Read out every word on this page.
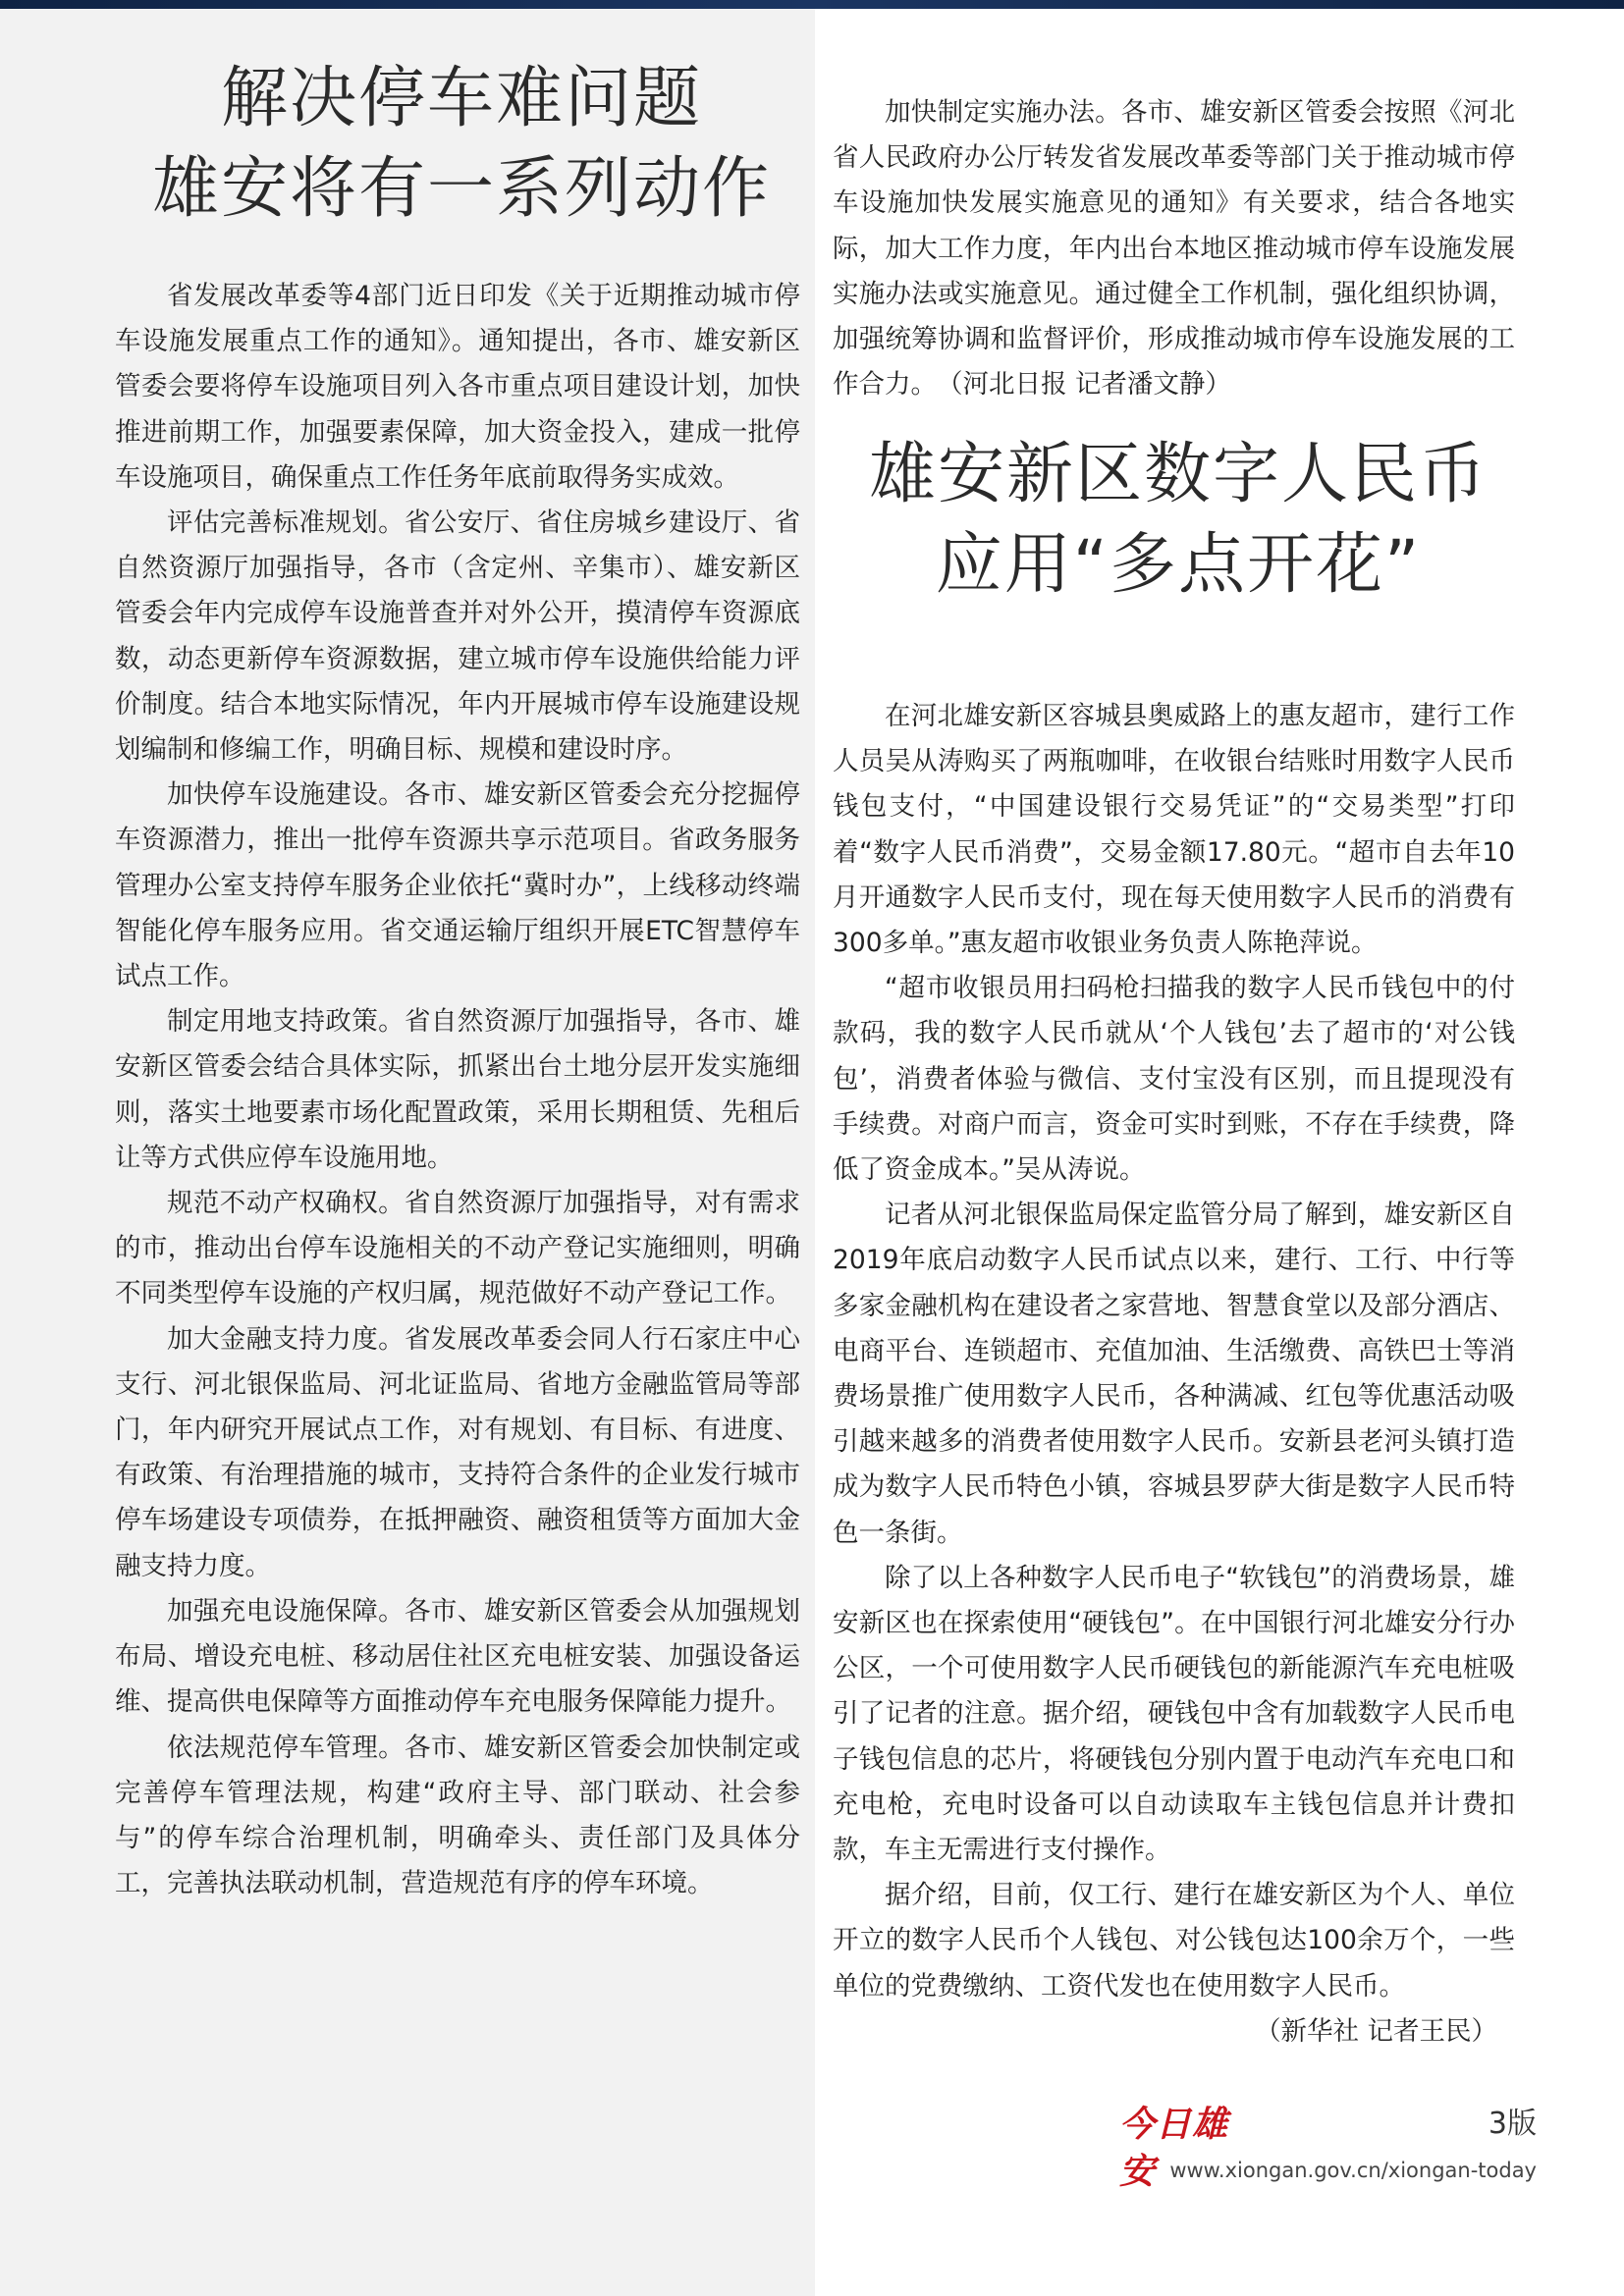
解决停车难问题
雄安将有一系列动作

省发展改革委等4部门近日印发《关于近期推动城市停车设施发展重点工作的通知》。通知提出，各市、雄安新区管委会要将停车设施项目列入各市重点项目建设计划，加快推进前期工作，加强要素保障，加大资金投入，建成一批停车设施项目，确保重点工作任务年底前取得务实成效。

评估完善标准规划。省公安厅、省住房城乡建设厅、省自然资源厅加强指导，各市（含定州、辛集市）、雄安新区管委会年内完成停车设施普查并对外公开，摸清停车资源底数，动态更新停车资源数据，建立城市停车设施供给能力评价制度。结合本地实际情况，年内开展城市停车设施建设规划编制和修编工作，明确目标、规模和建设时序。

加快停车设施建设。各市、雄安新区管委会充分挖掘停车资源潜力，推出一批停车资源共享示范项目。省政务服务管理办公室支持停车服务企业依托“冀时办”，上线移动终端智能化停车服务应用。省交通运输厅组织开展ETC智慧停车试点工作。

制定用地支持政策。省自然资源厅加强指导，各市、雄安新区管委会结合具体实际，抓紧出台土地分层开发实施细则，落实土地要素市场化配置政策，采用长期租赁、先租后让等方式供应停车设施用地。

规范不动产权确权。省自然资源厅加强指导，对有需求的市，推动出台停车设施相关的不动产登记实施细则，明确不同类型停车设施的产权归属，规范做好不动产登记工作。

加大金融支持力度。省发展改革委会同人行石家庄中心支行、河北银保监局、河北证监局、省地方金融监管局等部门，年内研究开展试点工作，对有规划、有目标、有进度、有政策、有治理措施的城市，支持符合条件的企业发行城市停车场建设专项债券，在抵押融资、融资租赁等方面加大金融支持力度。

加强充电设施保障。各市、雄安新区管委会从加强规划布局、增设充电桩、移动居住社区充电桩安装、加强设备运维、提高供电保障等方面推动停车充电服务保障能力提升。

依法规范停车管理。各市、雄安新区管委会加快制定或完善停车管理法规，构建“政府主导、部门联动、社会参与”的停车综合治理机制，明确牵头、责任部门及具体分工，完善执法联动机制，营造规范有序的停车环境。

加快制定实施办法。各市、雄安新区管委会按照《河北省人民政府办公厅转发省发展改革委等部门关于推动城市停车设施加快发展实施意见的通知》有关要求，结合各地实际，加大工作力度，年内出台本地区推动城市停车设施发展实施办法或实施意见。通过健全工作机制，强化组织协调，加强统筹协调和监督评价，形成推动城市停车设施发展的工作合力。　（河北日报 记者潘文静）

雄安新区数字人民币
应用“多点开花”

在河北雄安新区容城县奥威路上的惠友超市，建行工作人员吴从涛购买了两瓶咖啡，在收银台结账时用数字人民币钱包支付，“中国建设银行交易凭证”的“交易类型”打印着“数字人民币消费”，交易金额17.80元。“超市自去年10月开通数字人民币支付，现在每天使用数字人民币的消费有300多单。”惠友超市收银业务负责人陈艳萍说。

“超市收银员用扫码枪扫描我的数字人民币钱包中的付款码，我的数字人民币就从‘个人钱包’去了超市的‘对公钱包’，消费者体验与微信、支付宝没有区别，而且提现没有手续费。对商户而言，资金可实时到账，不存在手续费，降低了资金成本。”吴从涛说。

记者从河北银保监局保定监管分局了解到，雄安新区自2019年底启动数字人民币试点以来，建行、工行、中行等多家金融机构在建设者之家营地、智慧食堂以及部分酒店、电商平台、连锁超市、充值加油、生活缴费、高铁巴士等消费场景推广使用数字人民币，各种满减、红包等优惠活动吸引越来越多的消费者使用数字人民币。安新县老河头镇打造成为数字人民币特色小镇，容城县罗萨大街是数字人民币特色一条街。

除了以上各种数字人民币电子“软钱包”的消费场景，雄安新区也在探索使用“硬钱包”。在中国银行河北雄安分行办公区，一个可使用数字人民币硬钱包的新能源汽车充电桩吸引了记者的注意。据介绍，硬钱包中含有加载数字人民币电子钱包信息的芯片，将硬钱包分别内置于电动汽车充电口和充电枪，充电时设备可以自动读取车主钱包信息并计费扣款，车主无需进行支付操作。

据介绍，目前，仅工行、建行在雄安新区为个人、单位开立的数字人民币个人钱包、对公钱包达100余万个，一些单位的党费缴纳、工资代发也在使用数字人民币。

（新华社 记者王民）

今日雄安
3版
www.xiongan.gov.cn/xiongan-today
